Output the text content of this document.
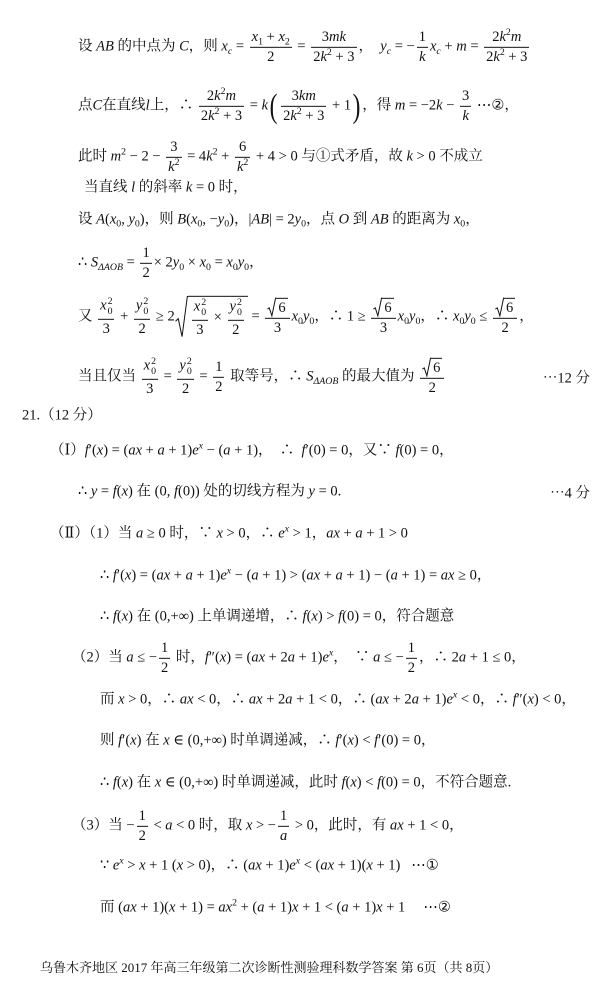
设 AB 的中点为 C，则 $x_c = \frac{x_1 + x_2}{2} = \frac{3mk}{2k^2 + 3}$ ，  $y_c$ = − $\frac{1}{k} x_c + m = \frac{2k^2m}{2k^2 + 3}$
点C在直线l上，∴ $\frac{2k^2m}{2k^2 + 3} = k( \frac{3km}{2k^2 + 3} + 1)$ ，得 $m = -2k - \frac{3}{k}$ ⋯②，
此时 $m^2 - 2 - \frac{3}{k^2} = 4k^2 + \frac{6}{k^2} + 4 > 0$ 与①式矛盾，故 k > 0 不成立
当直线 l 的斜率 k = 0 时，
设 $A(x_0$, $y_0$)，则 $B(x_0$, $-y_0$)，$|AB| = 2y_0$，点 O 到 AB 的距离为 $x_0$，
∴ $S_{\Delta AOB} = \frac{1}{2} \times 2y_0 \times x_0 = x_0y_0$，
又 x 2
0
3 + y 2
0
2 ≥ 2 x 2
0
3 × y 2
0
$2 = \frac{6}{3} x_0y_0$，∴ $1 \ge \frac{6}{3} x_0y_0$，∴ $x_0y_0 \le \frac{6}{2}$ ，
当且仅当 x 2
0
3 = y 2
0
$2 = \frac{1}{2}$ 取等号，∴ $S_{\Delta AOB}$ 的最大值为 $\frac{6}{2}$	⋯12 分
21.（12 分）
（Ⅰ）f′(x) = $(ax + a + 1)e^x - (a + 1)$，  ∴  f′(0) = 0，又∵ f(0) = 0，
∴ y = f(x) 在 (0, f(0)) 处的切线方程为 y = 0.	⋯4 分
（Ⅱ）（1）当 a ≥ 0 时，∵ x > 0，∴ $e^x > 1$，ax + a + 1 > 0
∴ $f'(x) = (ax + a + 1)e^x - (a + 1) > (ax + a + 1) - (a + 1)$ = ax ≥ 0，
∴ f(x) 在 (0,+∞) 上单调递增，∴ f(x) > f(0) = 0，符合题意
（2）当 a ≤ − $\frac{1}{2}$ 时，$f''(x) = (ax + 2a + 1)e^x$，  ∵ a ≤ − $\frac{1}{2}$ ，∴ 2a + 1 ≤ 0，
而 x > 0，∴ ax < 0，∴ ax + 2a + 1 < 0，∴ $(ax + 2a + 1)e^x < 0$，∴ f″(x) < 0，
则 f′(x) 在 x ∈ (0,+∞) 时单调递减，∴ f′(x) < f′(0) = 0，
∴ f(x) 在 x ∈ (0,+∞) 时单调递减，此时 f(x) < f(0) = 0，不符合题意.
（3）当 − $\frac{1}{2} < a < 0$ 时，取 x > − $\frac{1}{a} > 0$，此时，有 ax + 1 < 0，
∵ $e^x > x + 1$ (x > 0)，∴ $(ax + 1)e^x < (ax + 1)(x + 1)$   ⋯①
而 $(ax + 1)(x + 1) = ax^2 + (a + 1)x + 1 < (a + 1)x + 1$     ⋯②
乌鲁木齐地区 2017 年高三年级第二次诊断性测验理科数学答案 第 6页（共 8页）
